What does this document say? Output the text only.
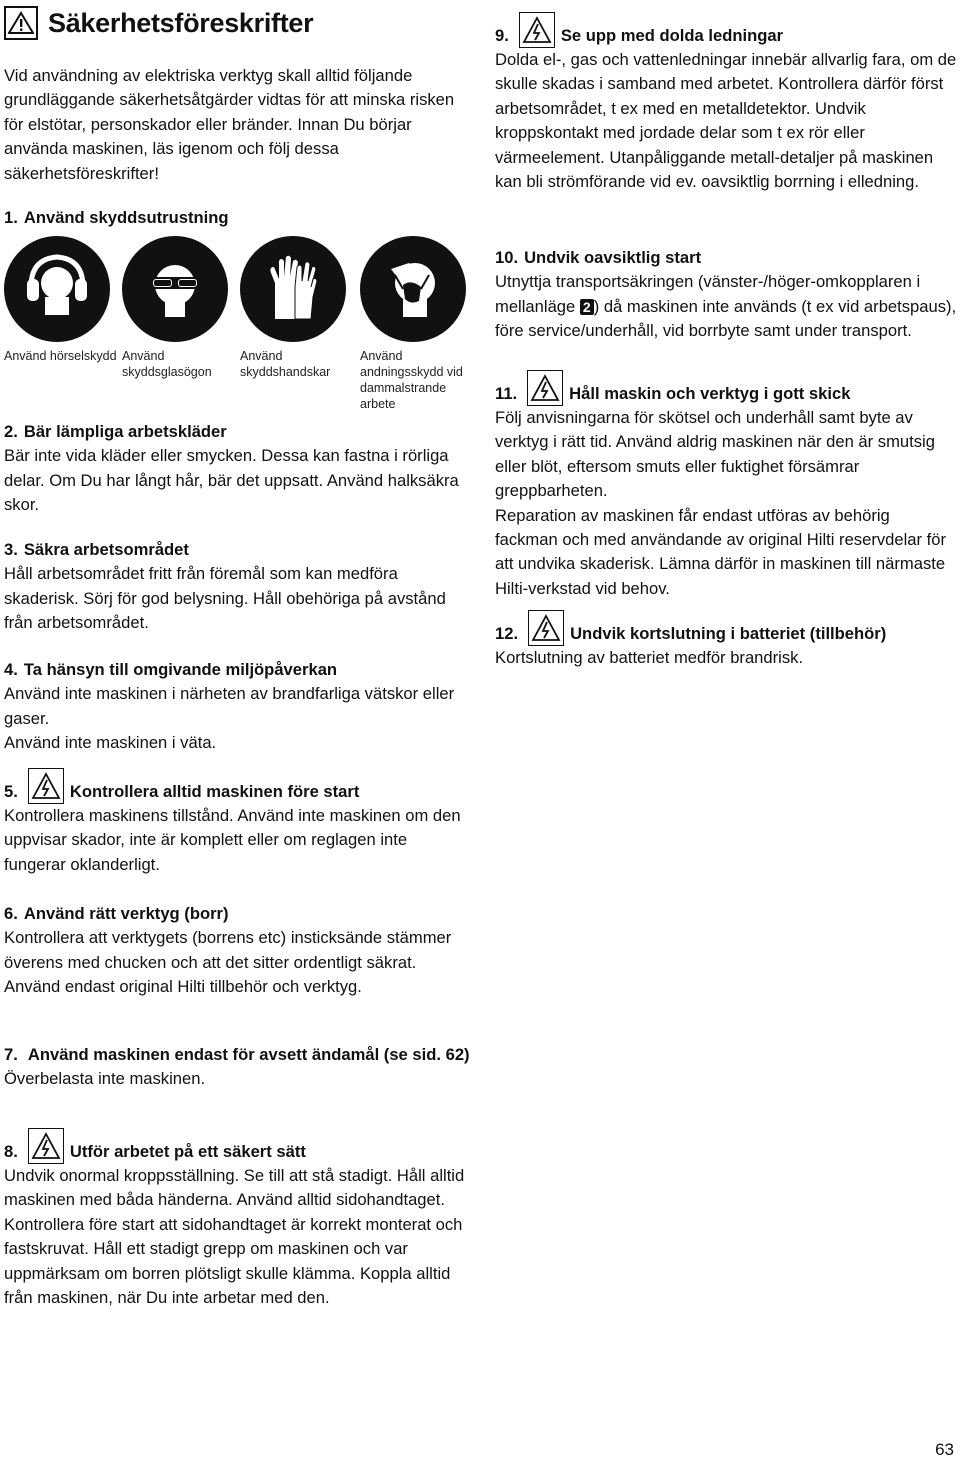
Säkerhetsföreskrifter

Vid användning av elektriska verktyg skall alltid följande grundläggande säkerhetsåtgärder vidtas för att minska risken för elstötar, personskador eller bränder. Innan Du börjar använda maskinen, läs igenom och följ dessa säkerhetsföreskrifter!

1. Använd skyddsutrustning
Använd hörselskydd Använd skyddsglasögon
Använd skyddshandskar
Använd andningsskydd vid dammalstrande arbete
2. Bär lämpliga arbetskläder

Bär inte vida kläder eller smycken. Dessa kan fastna i rörliga delar. Om Du har långt hår, bär det uppsatt. Använd halksäkra skor.

3. Säkra arbetsområdet

Håll arbetsområdet fritt från föremål som kan medföra skaderisk. Sörj för god belysning. Håll obehöriga på avstånd från arbetsområdet.

4. Ta hänsyn till omgivande miljöpåverkan

Använd inte maskinen i närheten av brandfarliga vätskor eller gaser.

Använd inte maskinen i väta.

5.	Kontrollera alltid maskinen före start

Kontrollera maskinens tillstånd. Använd inte maskinen om den uppvisar skador, inte är komplett eller om reglagen inte fungerar oklanderligt.

6. Använd rätt verktyg (borr)

Kontrollera att verktygets (borrens etc) insticksände stämmer överens med chucken och att det sitter ordentligt säkrat.

Använd endast original Hilti tillbehör och verktyg.

7. Använd maskinen endast för avsett ändamål (se sid. 62)

Överbelasta inte maskinen.

8.	Utför arbetet på ett säkert sätt

Undvik onormal kroppsställning. Se till att stå stadigt. Håll alltid maskinen med båda händerna. Använd alltid sidohandtaget. Kontrollera före start att sidohandtaget är korrekt monterat och fastskruvat. Håll ett stadigt grepp om maskinen och var uppmärksam om borren plötsligt skulle klämma. Koppla alltid från maskinen, när Du inte arbetar med den.

9.	Se upp med dolda ledningar

Dolda el-, gas och vattenledningar innebär allvarlig fara, om de skulle skadas i samband med arbetet. Kontrollera därför först arbetsområdet, t ex med en metalldetektor. Undvik kroppskontakt med jordade delar som t ex rör eller värmeelement. Utanpåliggande metall-detaljer på maskinen kan bli strömförande vid ev. oavsiktlig borrning i elledning.

10. Undvik oavsiktlig start

Utnyttja transportsäkringen (vänster-/höger-omkopplaren i mellanläge 2 ) då maskinen inte används (t ex vid arbetspaus), före service/underhåll, vid borrbyte samt under transport.

11.	Håll maskin och verktyg i gott skick

Följ anvisningarna för skötsel och underhåll samt byte av verktyg i rätt tid. Använd aldrig maskinen när den är smutsig eller blöt, eftersom smuts eller fuktighet försämrar greppbarheten.

Reparation av maskinen får endast utföras av behörig fackman och med användande av original Hilti reservdelar för att undvika skaderisk. Lämna därför in maskinen till närmaste Hilti-verkstad vid behov.

12.	Undvik kortslutning i batteriet (tillbehör)

Kortslutning av batteriet medför brandrisk.

63
